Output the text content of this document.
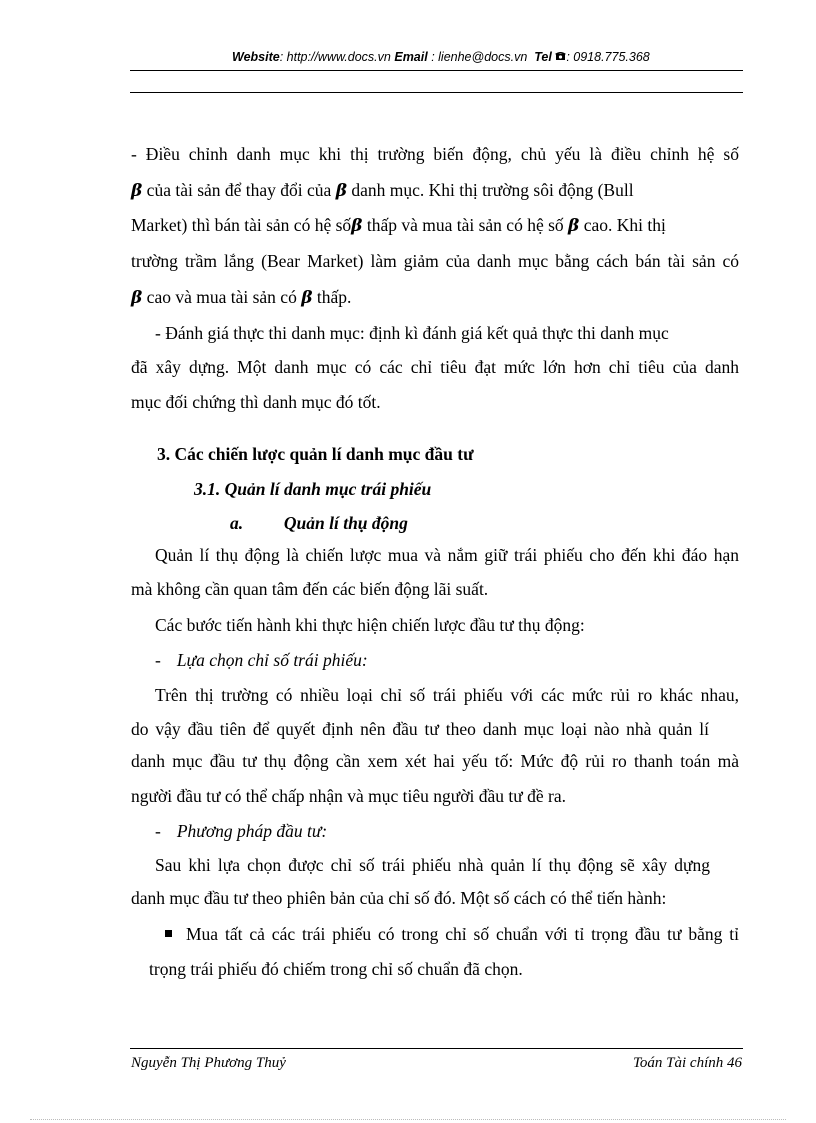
Website: http://www.docs.vn Email : lienhe@docs.vn Tel : 0918.775.368
- Điều chỉnh danh mục khi thị trường biến động, chủ yếu là điều chỉnh hệ số
β của tài sản để thay đổi của β danh mục. Khi thị trường sôi động (Bull
Market) thì bán tài sản có hệ sốβ thấp và mua tài sản có hệ số β cao. Khi thị
trường trầm lắng (Bear Market) làm giảm của danh mục bằng cách bán tài sản có
β cao và mua tài sản có β thấp.
- Đánh giá thực thi danh mục: định kì đánh giá kết quả thực thi danh mục
đã xây dựng. Một danh mục có các chỉ tiêu đạt mức lớn hơn chỉ tiêu của danh
mục đối chứng thì danh mục đó tốt.
3. Các chiến lược quản lí danh mục đầu tư
3.1. Quản lí danh mục trái phiếu
a. Quản lí thụ động
Quản lí thụ động là chiến lược mua và nắm giữ trái phiếu cho đến khi đáo hạn
mà không cần quan tâm đến các biến động lãi suất.
Các bước tiến hành khi thực hiện chiến lược đầu tư thụ động:
- Lựa chọn chỉ số trái phiếu:
Trên thị trường có nhiều loại chỉ số trái phiếu với các mức rủi ro khác nhau,
do vậy đầu tiên để quyết định nên đầu tư theo danh mục loại nào nhà quản lí
danh mục đầu tư thụ động cần xem xét hai yếu tố: Mức độ rủi ro thanh toán mà
người đầu tư có thể chấp nhận và mục tiêu người đầu tư đề ra.
- Phương pháp đầu tư:
Sau khi lựa chọn được chỉ số trái phiếu nhà quản lí thụ động sẽ xây dựng
danh mục đầu tư theo phiên bản của chỉ số đó. Một số cách có thể tiến hành:
Mua tất cả các trái phiếu có trong chỉ số chuẩn với tỉ trọng đầu tư bằng tỉ
trọng trái phiếu đó chiếm trong chỉ số chuẩn đã chọn.
Nguyễn Thị Phương Thuỷ	Toán Tài chính 46
